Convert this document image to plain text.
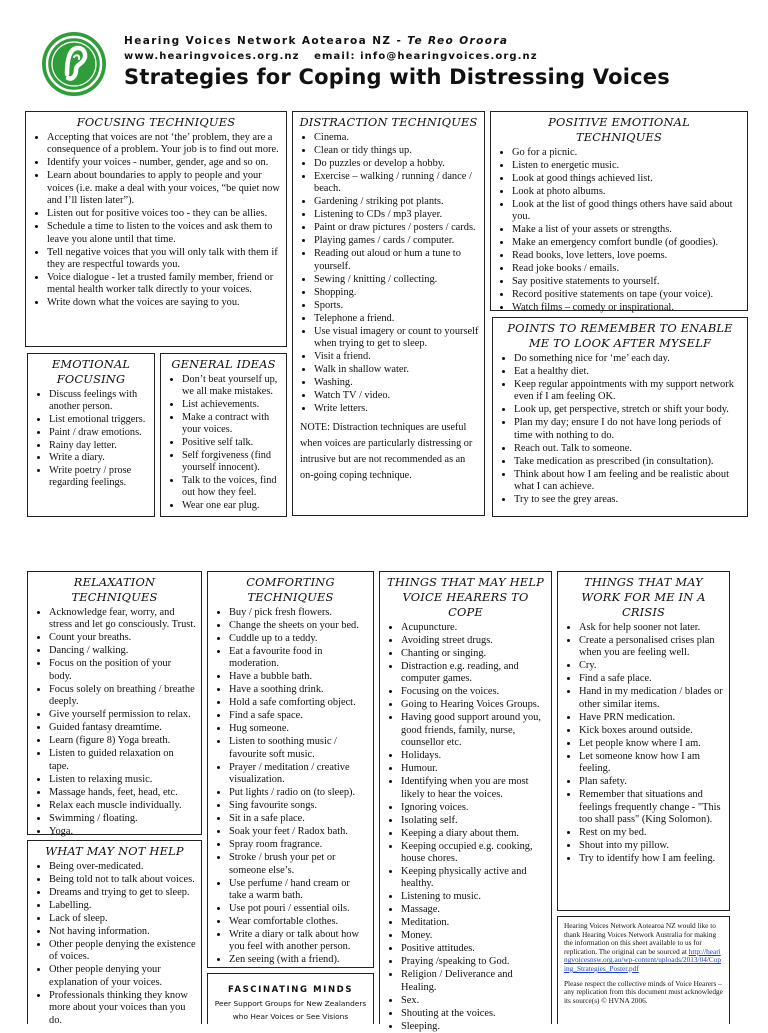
Hearing Voices Network Aotearoa NZ - Te Reo Oroora
www.hearingvoices.org.nz email: info@hearingvoices.org.nz
Strategies for Coping with Distressing Voices
FOCUSING TECHNIQUES
• Accepting that voices are not ‘the’ problem, they are a consequence of a problem. Your job is to find out more.
• Identify your voices - number, gender, age and so on.
• Learn about boundaries to apply to people and your voices (i.e. make a deal with your voices, “be quiet now and I’ll listen later”).
• Listen out for positive voices too - they can be allies.
• Schedule a time to listen to the voices and ask them to leave you alone until that time.
• Tell negative voices that you will only talk with them if they are respectful towards you.
• Voice dialogue - let a trusted family member, friend or mental health worker talk directly to your voices.
• Write down what the voices are saying to you.
DISTRACTION TECHNIQUES
• Cinema.
• Clean or tidy things up.
• Do puzzles or develop a hobby.
• Exercise – walking / running / dance / beach.
• Gardening / striking pot plants.
• Listening to CDs / mp3 player.
• Paint or draw pictures / posters / cards.
• Playing games / cards / computer.
• Reading out aloud or hum a tune to yourself.
• Sewing / knitting / collecting.
• Shopping.
• Sports.
• Telephone a friend.
• Use visual imagery or count to yourself when trying to get to sleep.
• Visit a friend.
• Walk in shallow water.
• Washing.
• Watch TV / video.
• Write letters.
NOTE: Distraction techniques are useful when voices are particularly distressing or intrusive but are not recommended as an on-going coping technique.
POSITIVE EMOTIONAL TECHNIQUES
• Go for a picnic.
• Listen to energetic music.
• Look at good things achieved list.
• Look at photo albums.
• Look at the list of good things others have said about you.
• Make a list of your assets or strengths.
• Make an emergency comfort bundle (of goodies).
• Read books, love letters, love poems.
• Read joke books / emails.
• Say positive statements to yourself.
• Record positive statements on tape (your voice).
• Watch films – comedy or inspirational.
EMOTIONAL FOCUSING
• Discuss feelings with another person.
• List emotional triggers.
• Paint / draw emotions.
• Rainy day letter.
• Write a diary.
• Write poetry / prose regarding feelings.
GENERAL IDEAS
• Don’t beat yourself up, we all make mistakes.
• List achievements.
• Make a contract with your voices.
• Positive self talk.
• Self forgiveness (find yourself innocent).
• Talk to the voices, find out how they feel.
• Wear one ear plug.
POINTS TO REMEMBER TO ENABLE ME TO LOOK AFTER MYSELF
• Do something nice for ‘me’ each day.
• Eat a healthy diet.
• Keep regular appointments with my support network even if I am feeling OK.
• Look up, get perspective, stretch or shift your body.
• Plan my day; ensure I do not have long periods of time with nothing to do.
• Reach out. Talk to someone.
• Take medication as prescribed (in consultation).
• Think about how I am feeling and be realistic about what I can achieve.
• Try to see the grey areas.
RELAXATION TECHNIQUES
• Acknowledge fear, worry, and stress and let go consciously. Trust.
• Count your breaths.
• Dancing / walking.
• Focus on the position of your body.
• Focus solely on breathing / breathe deeply.
• Give yourself permission to relax.
• Guided fantasy dreamtime.
• Learn (figure 8) Yoga breath.
• Listen to guided relaxation on tape.
• Listen to relaxing music.
• Massage hands, feet, head, etc.
• Relax each muscle individually.
• Swimming / floating.
• Yoga.
WHAT MAY NOT HELP
• Being over-medicated.
• Being told not to talk about voices.
• Dreams and trying to get to sleep.
• Labelling.
• Lack of sleep.
• Not having information.
• Other people denying the existence of voices.
• Other people denying your explanation of your voices.
• Professionals thinking they know more about your voices than you do.
COMFORTING TECHNIQUES
• Buy / pick fresh flowers.
• Change the sheets on your bed.
• Cuddle up to a teddy.
• Eat a favourite food in moderation.
• Have a bubble bath.
• Have a soothing drink.
• Hold a safe comforting object.
• Find a safe space.
• Hug someone.
• Listen to soothing music / favourite soft music.
• Prayer / meditation / creative visualization.
• Put lights / radio on (to sleep).
• Sing favourite songs.
• Sit in a safe place.
• Soak your feet / Radox bath.
• Spray room fragrance.
• Stroke / brush your pet or someone else’s.
• Use perfume / hand cream or take a warm bath.
• Use pot pouri / essential oils.
• Wear comfortable clothes.
• Write a diary or talk about how you feel with another person.
• Zen seeing (with a friend).
FASCINATING MINDS
Peer Support Groups for New Zealanders who Hear Voices or See Visions
THINGS THAT MAY HELP VOICE HEARERS TO COPE
• Acupuncture.
• Avoiding street drugs.
• Chanting or singing.
• Distraction e.g. reading, and computer games.
• Focusing on the voices.
• Going to Hearing Voices Groups.
• Having good support around you, good friends, family, nurse, counsellor etc.
• Holidays.
• Humour.
• Identifying when you are most likely to hear the voices.
• Ignoring voices.
• Isolating self.
• Keeping a diary about them.
• Keeping occupied e.g. cooking, house chores.
• Keeping physically active and healthy.
• Listening to music.
• Massage.
• Meditation.
• Money.
• Positive attitudes.
• Praying /speaking to God.
• Religion / Deliverance and Healing.
• Sex.
• Shouting at the voices.
• Sleeping.
THINGS THAT MAY WORK FOR ME IN A CRISIS
• Ask for help sooner not later.
• Create a personalised crises plan when you are feeling well.
• Cry.
• Find a safe place.
• Hand in my medication / blades or other similar items.
• Have PRN medication.
• Kick boxes around outside.
• Let people know where I am.
• Let someone know how I am feeling.
• Plan safety.
• Remember that situations and feelings frequently change - "This too shall pass" (King Solomon).
• Rest on my bed.
• Shout into my pillow.
• Try to identify how I am feeling.

Hearing Voices Network Aotearoa NZ would like to thank Hearing Voices Network Australia for making the information on this sheet available to us for replication. The original can be sourced at http://hearingvoicesnsw.org.au/wp-content/uploads/2013/04/Coping_Strategies_Poster.pdf

Please respect the collective minds of Voice Hearers – any replication from this document must acknowledge its source(s) © HVNA 2006.
